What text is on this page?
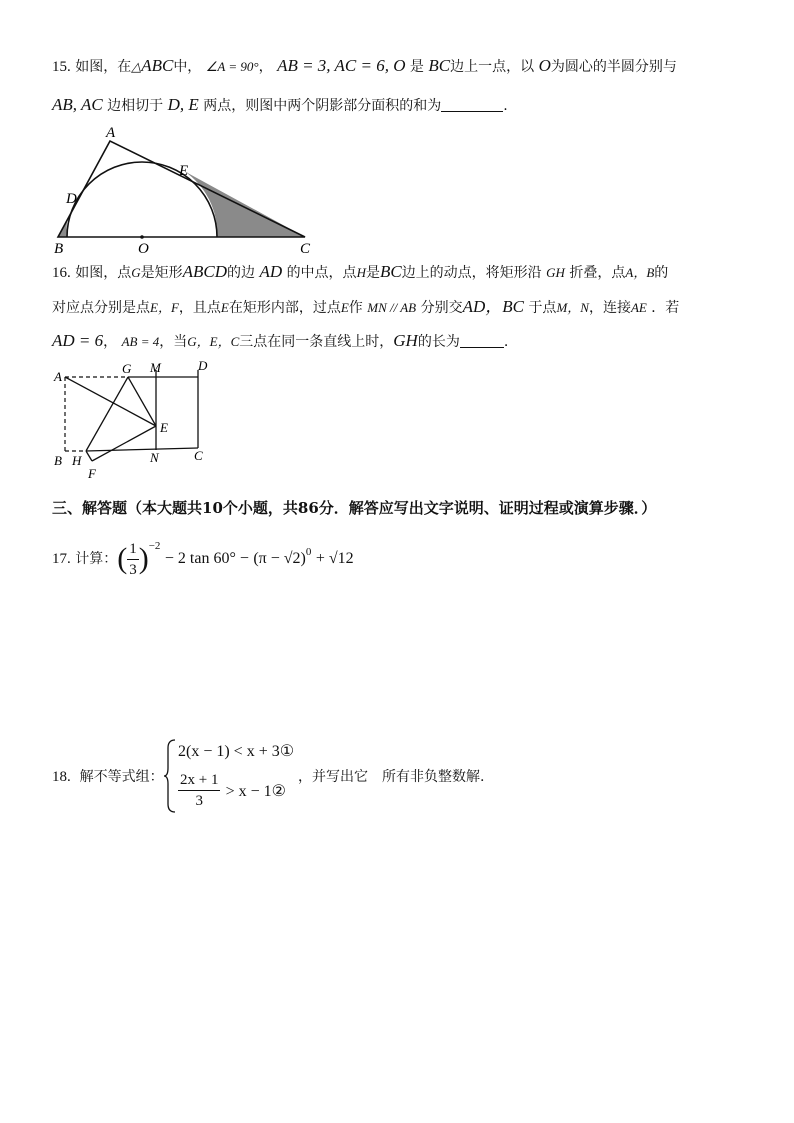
15. 如图，在△ABC中， ∠A = 90°， AB = 3, AC = 6, O 是 BC边上一点，以 O为圆心的半圆分别与
AB, AC 边相切于 D, E 两点，则图中两个阴影部分面积的和为	.
A
D
E
B	O	C
16. 如图，点G是矩形ABCD的边 AD 的中点，点H是BC边上的动点，将矩形沿 GH 折叠，点A，B的
对应点分别是点E，F，且点E在矩形内部，过点E作 MN // AB 分别交AD，BC 于点M，N，连接AE ．若
AD = 6， AB = 4，当G，E，C三点在同一条直线上时，GH的长为	.
A
G M	D
E
B H	N	C
F
三、解答题（本大题共10个小题，共86分．解答应写出文字说明、证明过程或演算步骤．）
17.
计算： ( $\frac{1}{3}$ ) −2

− 2 tan 60° −
(π − √2) 0
+ √12
18. 解不等式组：
2(x − 1) < x + 3①
$\frac{2x + 1}{3}$
> x − 1②
，并写出它　所有非负整数解.
